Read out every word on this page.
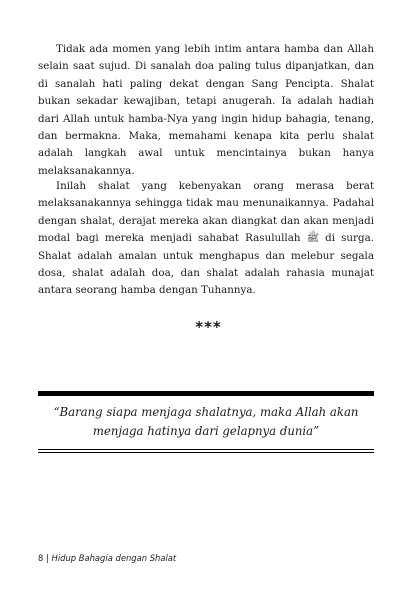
Tidak ada momen yang lebih intim antara hamba dan Allah selain saat sujud. Di sanalah doa paling tulus dipanjatkan, dan di sanalah hati paling dekat dengan Sang Pencipta. Shalat bukan sekadar kewajiban, tetapi anugerah. Ia adalah hadiah dari Allah untuk hamba-Nya yang ingin hidup bahagia, tenang, dan bermakna. Maka, memahami kenapa kita perlu shalat adalah langkah awal untuk mencintainya bukan hanya melaksanakannya.

Inilah shalat yang kebenyakan orang merasa berat melaksanakannya sehingga tidak mau menunaikannya. Padahal dengan shalat, derajat mereka akan diangkat dan akan menjadi modal bagi mereka menjadi sahabat Rasulullah ﷺ di surga. Shalat adalah amalan untuk menghapus dan melebur segala dosa, shalat adalah doa, dan shalat adalah rahasia munajat antara seorang hamba dengan Tuhannya.

***
“Barang siapa menjaga shalatnya, maka Allah akan menjaga hatinya dari gelapnya dunia”
8 | Hidup Bahagia dengan Shalat
